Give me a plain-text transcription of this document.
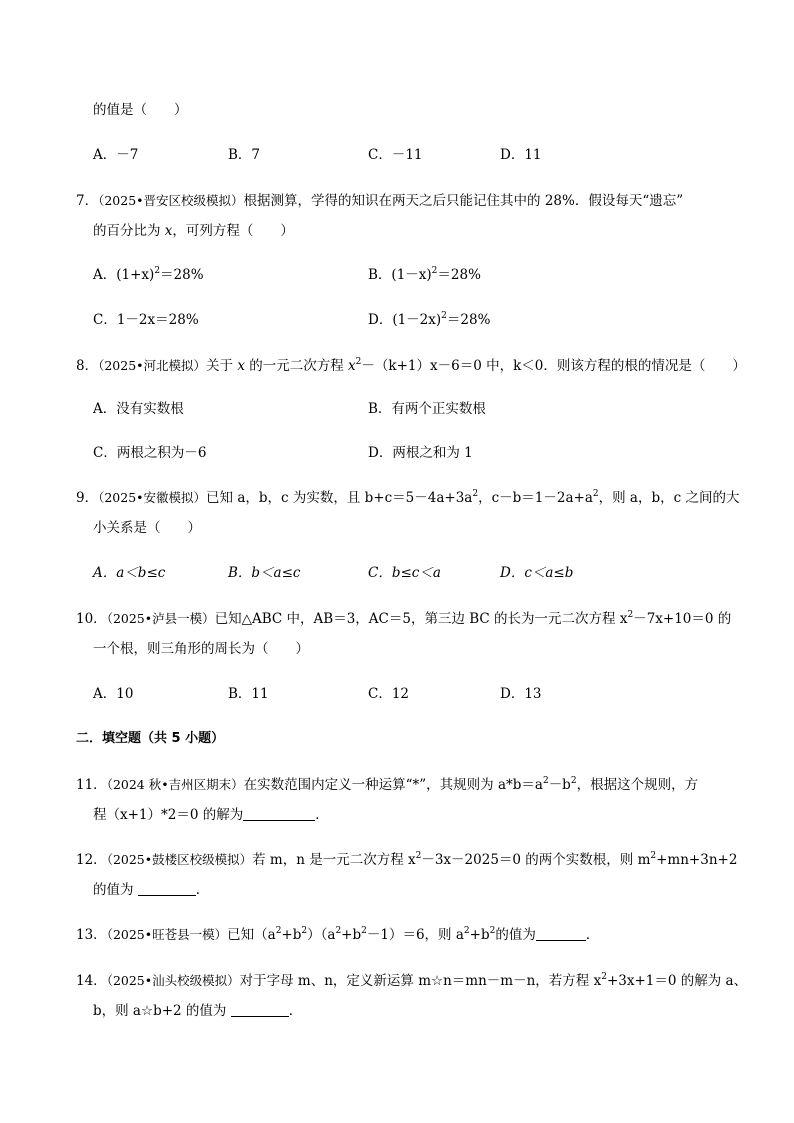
的值是（　　）
A．－7	B．7	C．－11	D．11
7．（2025•晋安区校级模拟）根据测算，学得的知识在两天之后只能记住其中的 28%．假设每天“遗忘”
的百分比为 x，可列方程（　　）
A．$(1+x)^2=28\%$	B．$(1-x)^2=28\%$
C．1－2x＝28%	D．$(1-2x)^2=28\%$
8．（2025•河北模拟）关于 x 的一元二次方程 $x^2-(k+1)x-6=0$ 中，k＜0．则该方程的根的情况是（　　）
A．没有实数根	B．有两个正实数根
C．两根之积为－6	D．两根之和为 1
9．（2025•安徽模拟）已知 a，b，c 为实数，且 $b+c=5-4a+3a^2$，$c-b=1-2a+a^2$，则 a，b，c 之间的大
小关系是（　　）
A．a＜b≤c	B．b＜a≤c	C．b≤c＜a	D．c＜a≤b
10．（2025•泸县一模）已知△ABC 中，AB＝3，AC＝5，第三边 BC 的长为一元二次方程 $x^2-7x+10=0$ 的
一个根，则三角形的周长为（　　）
A．10	B．11	C．12	D．13
二．填空题（共 5 小题）
11．（2024 秋•吉州区期末）在实数范围内定义一种运算“*”，其规则为 $a*b=a^2-b^2$，根据这个规则，方
程（x+1）*2＝0 的解为	．
12．（2025•鼓楼区校级模拟）若 m，n 是一元二次方程 $x^2-3x-2025=0$ 的两个实数根，则 $m^2+mn+3n+2$
的值为	．
13．（2025•旺苍县一模）已知$(a^2+b^2)(a^2+b^2-1)=6$，则 $a^2+b^2$的值为	．
14．（2025•汕头校级模拟）对于字母 m、n，定义新运算 m☆n＝mn－m－n，若方程 $x^2+3x+1=0$ 的解为 a、
b，则 a☆b+2 的值为	．
